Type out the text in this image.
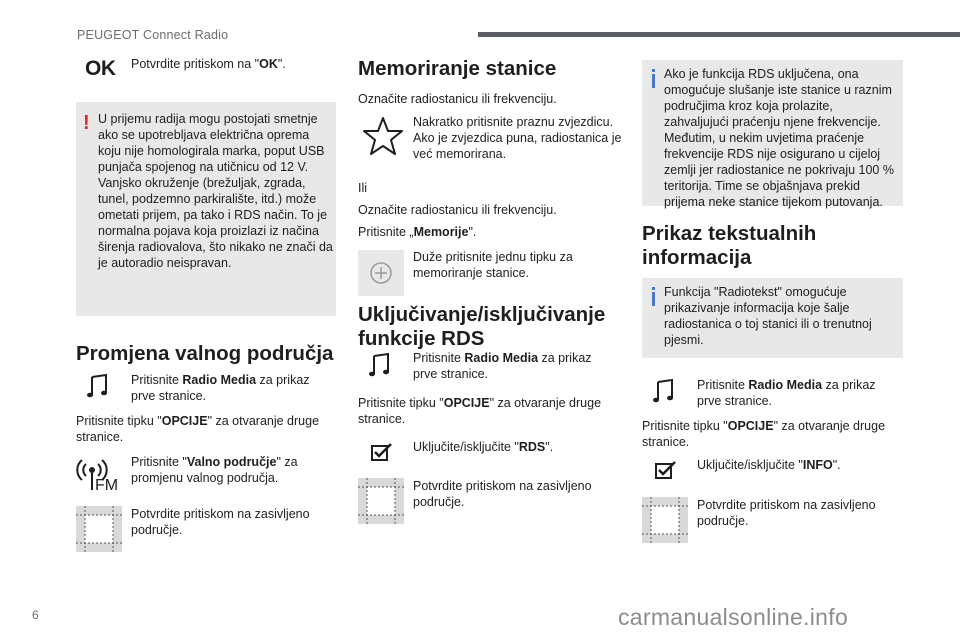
PEUGEOT Connect Radio
OK Potvrdite pritiskom na "OK".
! U prijemu radija mogu postojati smetnje ako se upotrebljava električna oprema koju nije homologirala marka, poput USB punjača spojenog na utičnicu od 12 V. Vanjsko okruženje (brežuljak, zgrada, tunel, podzemno parkiralište, itd.) može ometati prijem, pa tako i RDS način. To je normalna pojava koja proizlazi iz načina širenja radiovalova, što nikako ne znači da je autoradio neispravan.
Promjena valnog područja
Pritisnite Radio Media za prikaz prve stranice.
Pritisnite tipku "OPCIJE" za otvaranje druge stranice.
FM
Pritisnite "Valno područje" za promjenu valnog područja.
Potvrdite pritiskom na zasivljeno područje.
Memoriranje stanice
Označite radiostanicu ili frekvenciju.
Nakratko pritisnite praznu zvjezdicu. Ako je zvjezdica puna, radiostanica je već memorirana.
Ili
Označite radiostanicu ili frekvenciju.
Pritisnite „Memorije".
Duže pritisnite jednu tipku za memoriranje stanice.
Uključivanje/isključivanje funkcije RDS
Pritisnite Radio Media za prikaz prve stranice.
Pritisnite tipku "OPCIJE" za otvaranje druge stranice.
Uključite/isključite "RDS".
Potvrdite pritiskom na zasivljeno područje.
Ako je funkcija RDS uključena, ona omogućuje slušanje iste stanice u raznim područjima kroz koja prolazite, zahvaljujući praćenju njene frekvencije. Međutim, u nekim uvjetima praćenje frekvencije RDS nije osigurano u cijeloj zemlji jer radiostanice ne pokrivaju 100 % teritorija. Time se objašnjava prekid prijema neke stanice tijekom putovanja.
Prikaz tekstualnih informacija
Funkcija "Radiotekst" omogućuje prikazivanje informacija koje šalje radiostanica o toj stanici ili o trenutnoj pjesmi.
Pritisnite Radio Media za prikaz prve stranice.
Pritisnite tipku "OPCIJE" za otvaranje druge stranice.
Uključite/isključite "INFO".
Potvrdite pritiskom na zasivljeno područje.
6	carmanualsonline.info
